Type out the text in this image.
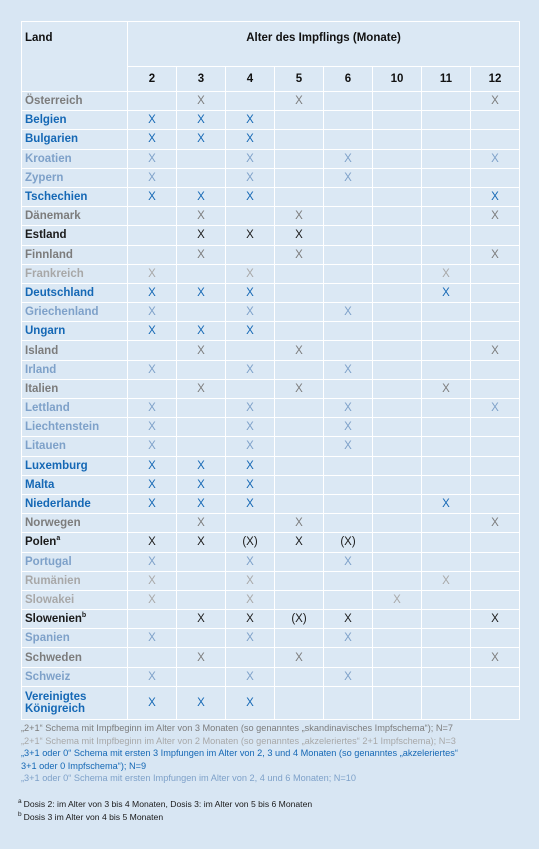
Land	Alter des Impflings (Monate)							
	2	3	4	5	6	10	11	12
Österreich		X		X				X
Belgien	X	X	X					
Bulgarien	X	X	X					
Kroatien	X		X		X			X
Zypern	X		X		X			
Tschechien	X	X	X					X
Dänemark		X		X				X
Estland		X	X	X				
Finnland		X		X				X
Frankreich	X		X				X	
Deutschland	X	X	X				X	
Griechenland	X		X		X			
Ungarn	X	X	X					
Island		X		X				X
Irland	X		X		X			
Italien		X		X			X	
Lettland	X		X		X			X
Liechtenstein	X		X		X			
Litauen	X		X		X			
Luxemburg	X	X	X					
Malta	X	X	X					
Niederlande	X	X	X				X	
Norwegen		X		X				X
Polen$^a$	X	X	(X)	X	(X)			
Portugal	X		X		X			
Rumänien	X		X				X	
Slowakei	X		X			X		
Slowenien$^b$		X	X	(X)	X			X
Spanien	X		X		X			
Schweden		X		X				X
Schweiz	X		X		X			
Vereinigtes Königreich	X	X	X					
„2+1“ Schema mit Impfbeginn im Alter von 3 Monaten (so genanntes „skandinavisches Impfschema“); N=7
„2+1“ Schema mit Impfbeginn im Alter von 2 Monaten (so genanntes „akzeleriertes“ 2+1 Impfschema); N=3
„3+1 oder 0“ Schema mit ersten 3 Impfungen im Alter von 2, 3 und 4 Monaten (so genanntes „akzeleriertes“
3+1 oder 0 Impfschema“); N=9
„3+1 oder 0“ Schema mit ersten Impfungen im Alter von 2, 4 und 6 Monaten; N=10
$^a$ Dosis 2: im Alter von 3 bis 4 Monaten, Dosis 3: im Alter von 5 bis 6 Monaten
$^b$ Dosis 3 im Alter von 4 bis 5 Monaten
